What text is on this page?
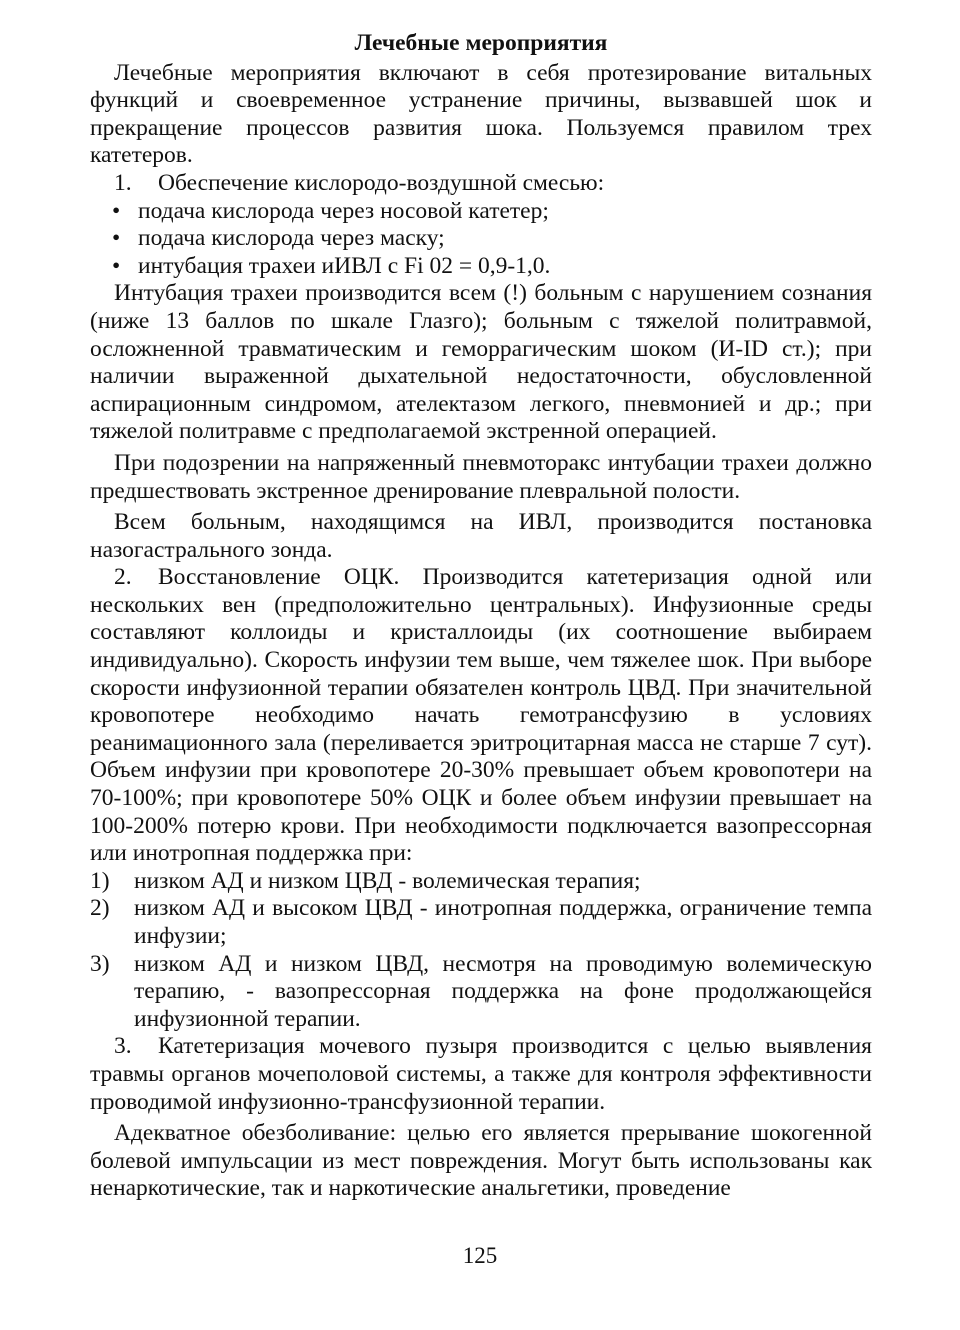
Лечебные мероприятия

Лечебные мероприятия включают в себя протезирование витальных функций и своевременное устранение причины, вызвавшей шок и прекращение процессов развития шока. Пользуемся правилом трех катетеров.

1.	Обеспечение кислородо-воздушной смесью:
• подача кислорода через носовой катетер;
• подача кислорода через маску;
• интубация трахеи иИВЛ с Fi 02 = 0,9-1,0.

Интубация трахеи производится всем (!) больным с нарушением сознания (ниже 13 баллов по шкале Глазго); больным с тяжелой политравмой, осложненной травматическим и геморрагическим шоком (И-ID ст.); при наличии выраженной дыхательной недостаточности, обусловленной аспирационным синдромом, ателектазом легкого, пневмонией и др.; при тяжелой политравме с предполагаемой экстренной операцией.

При подозрении на напряженный пневмоторакс интубации трахеи должно предшествовать экстренное дренирование плевральной полости.

Всем больным, находящимся на ИВЛ, производится постановка назогастрального зонда.

2.	Восстановление ОЦК. Производится катетеризация одной или нескольких вен (предположительно центральных). Инфузионные среды составляют коллоиды и кристаллоиды (их соотношение выбираем индивидуально). Скорость инфузии тем выше, чем тяжелее шок. При выборе скорости инфузионной терапии обязателен контроль ЦВД. При значительной кровопотере необходимо начать гемотрансфузию в условиях реанимационного зала (переливается эритроцитарная масса не старше 7 сут). Объем инфузии при кровопотере 20-30% превышает объем кровопотери на 70-100%; при кровопотере 50% ОЦК и более объем инфузии превышает на 100-200% потерю крови. При необходимости подключается вазопрессорная или инотропная поддержка при:
1)	низком АД и низком ЦВД - волемическая терапия;
2)	низком АД и высоком ЦВД - инотропная поддержка, ограничение темпа инфузии;
3)	низком АД и низком ЦВД, несмотря на проводимую волемическую терапию, - вазопрессорная поддержка на фоне продолжающейся инфузионной терапии.
3.	Катетеризация мочевого пузыря производится с целью выявления травмы органов мочеполовой системы, а также для контроля эффективности проводимой инфузионно-трансфузионной терапии.

Адекватное обезболивание: целью его является прерывание шокогенной болевой импульсации из мест повреждения. Могут быть использованы как ненаркотические, так и наркотические анальгетики, проведение

125
